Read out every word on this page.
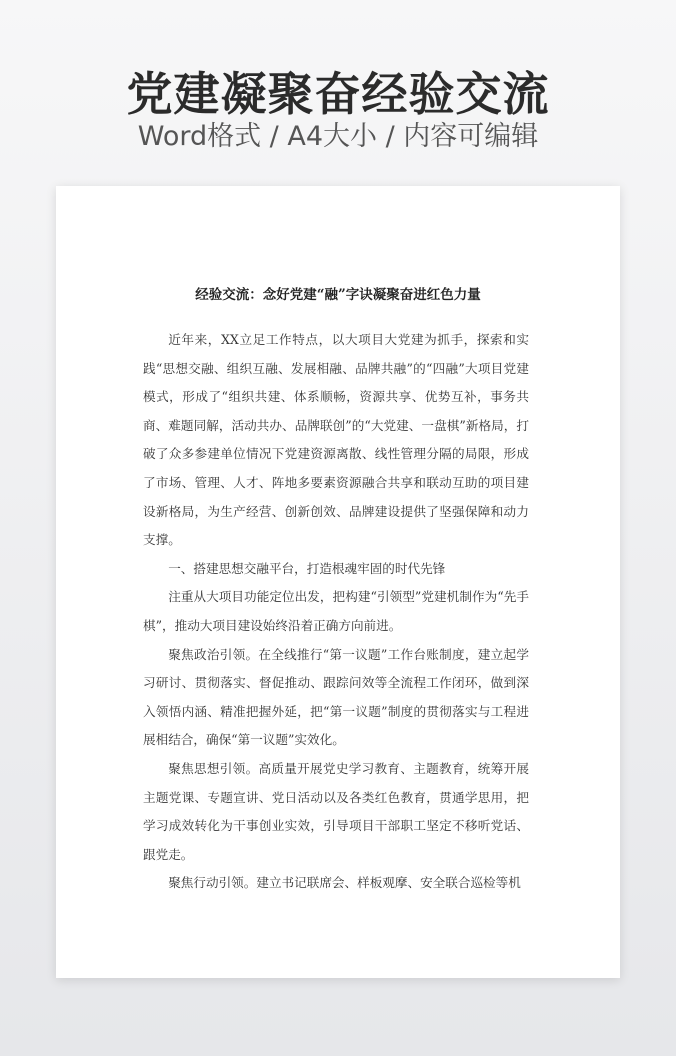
党建凝聚奋经验交流
Word格式 / A4大小 / 内容可编辑
经验交流：念好党建“融”字诀凝聚奋进红色力量

近年来，XX立足工作特点，以大项目大党建为抓手，探索和实践“思想交融、组织互融、发展相融、品牌共融”的“四融”大项目党建模式，形成了“组织共建、体系顺畅，资源共享、优势互补，事务共商、难题同解，活动共办、品牌联创”的“大党建、一盘棋”新格局，打破了众多参建单位情况下党建资源离散、线性管理分隔的局限，形成了市场、管理、人才、阵地多要素资源融合共享和联动互助的项目建设新格局，为生产经营、创新创效、品牌建设提供了坚强保障和动力支撑。

一、搭建思想交融平台，打造根魂牢固的时代先锋

注重从大项目功能定位出发，把构建“引领型”党建机制作为“先手棋”，推动大项目建设始终沿着正确方向前进。

聚焦政治引领。在全线推行“第一议题”工作台账制度，建立起学习研讨、贯彻落实、督促推动、跟踪问效等全流程工作闭环，做到深入领悟内涵、精准把握外延，把“第一议题”制度的贯彻落实与工程进展相结合，确保“第一议题”实效化。

聚焦思想引领。高质量开展党史学习教育、主题教育，统筹开展主题党课、专题宣讲、党日活动以及各类红色教育，贯通学思用，把学习成效转化为干事创业实效，引导项目干部职工坚定不移听党话、跟党走。

聚焦行动引领。建立书记联席会、样板观摩、安全联合巡检等机
